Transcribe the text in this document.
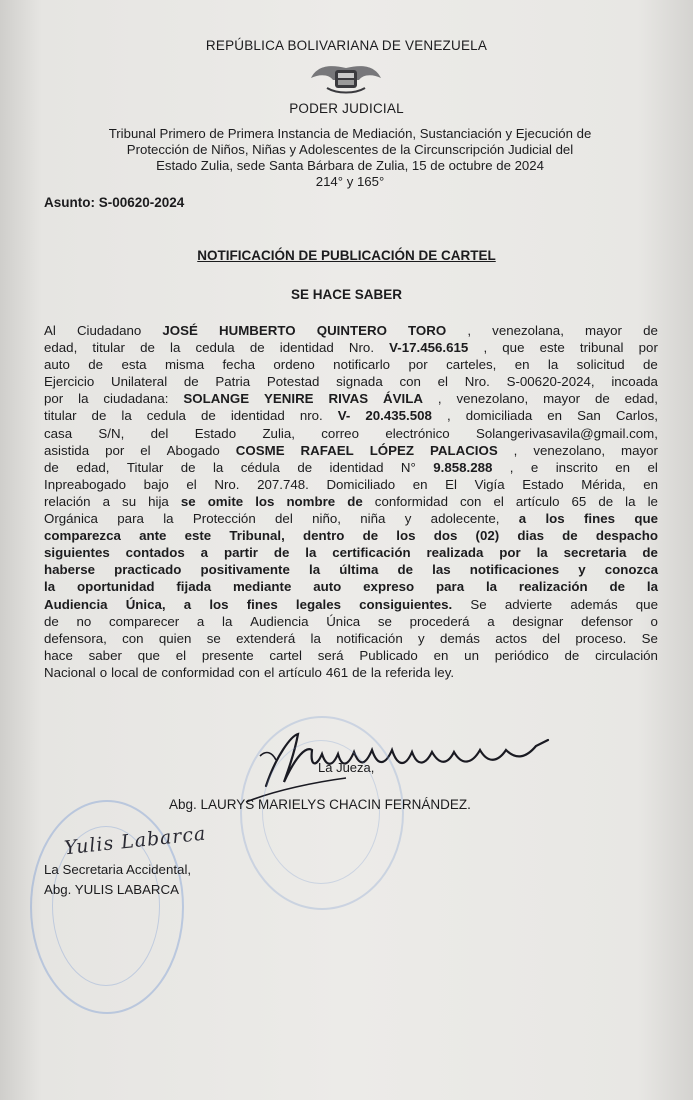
REPÚBLICA BOLIVARIANA DE VENEZUELA
PODER JUDICIAL
Tribunal Primero de Primera Instancia de Mediación, Sustanciación y Ejecución de
Protección de Niños, Niñas y Adolescentes de la Circunscripción Judicial del
Estado Zulia, sede Santa Bárbara de Zulia, 15 de octubre de 2024
214° y 165°
Asunto: S-00620-2024
NOTIFICACIÓN DE PUBLICACIÓN DE CARTEL
SE HACE SABER
Al Ciudadano JOSÉ HUMBERTO QUINTERO TORO , venezolana, mayor de
edad, titular de la cedula de identidad Nro. V-17.456.615 , que este tribunal por
auto de esta misma fecha ordeno notificarlo por carteles, en la solicitud de
Ejercicio Unilateral de Patria Potestad signada con el Nro. S-00620-2024, incoada
por la ciudadana: SOLANGE YENIRE RIVAS ÁVILA , venezolano, mayor de edad,
titular de la cedula de identidad nro. V- 20.435.508 , domiciliada en San Carlos,
casa S/N, del Estado Zulia, correo electrónico Solangerivasavila@gmail.com,
asistida por el Abogado COSME RAFAEL LÓPEZ PALACIOS , venezolano, mayor
de edad, Titular de la cédula de identidad N° 9.858.288 , e inscrito en el
Inpreabogado bajo el Nro. 207.748. Domiciliado en El Vigía Estado Mérida, en
relación a su hija se omite los nombre de conformidad con el artículo 65 de la le
Orgánica para la Protección del niño, niña y adolecente, a los fines que
comparezca ante este Tribunal, dentro de los dos (02) dias de despacho
siguientes contados a partir de la certificación realizada por la secretaria de
haberse practicado positivamente la última de las notificaciones y conozca
la oportunidad fijada mediante auto expreso para la realización de la
Audiencia Única, a los fines legales consiguientes. Se advierte además que
de no comparecer a la Audiencia Única se procederá a designar defensor o
defensora, con quien se extenderá la notificación y demás actos del proceso. Se
hace saber que el presente cartel será Publicado en un periódico de circulación
Nacional o local de conformidad con el artículo 461 de la referida ley.
La Jueza,
Abg. LAURYS MARIELYS CHACIN FERNÁNDEZ.
Yulis Labarca
La Secretaria Accidental,
Abg. YULIS LABARCA
